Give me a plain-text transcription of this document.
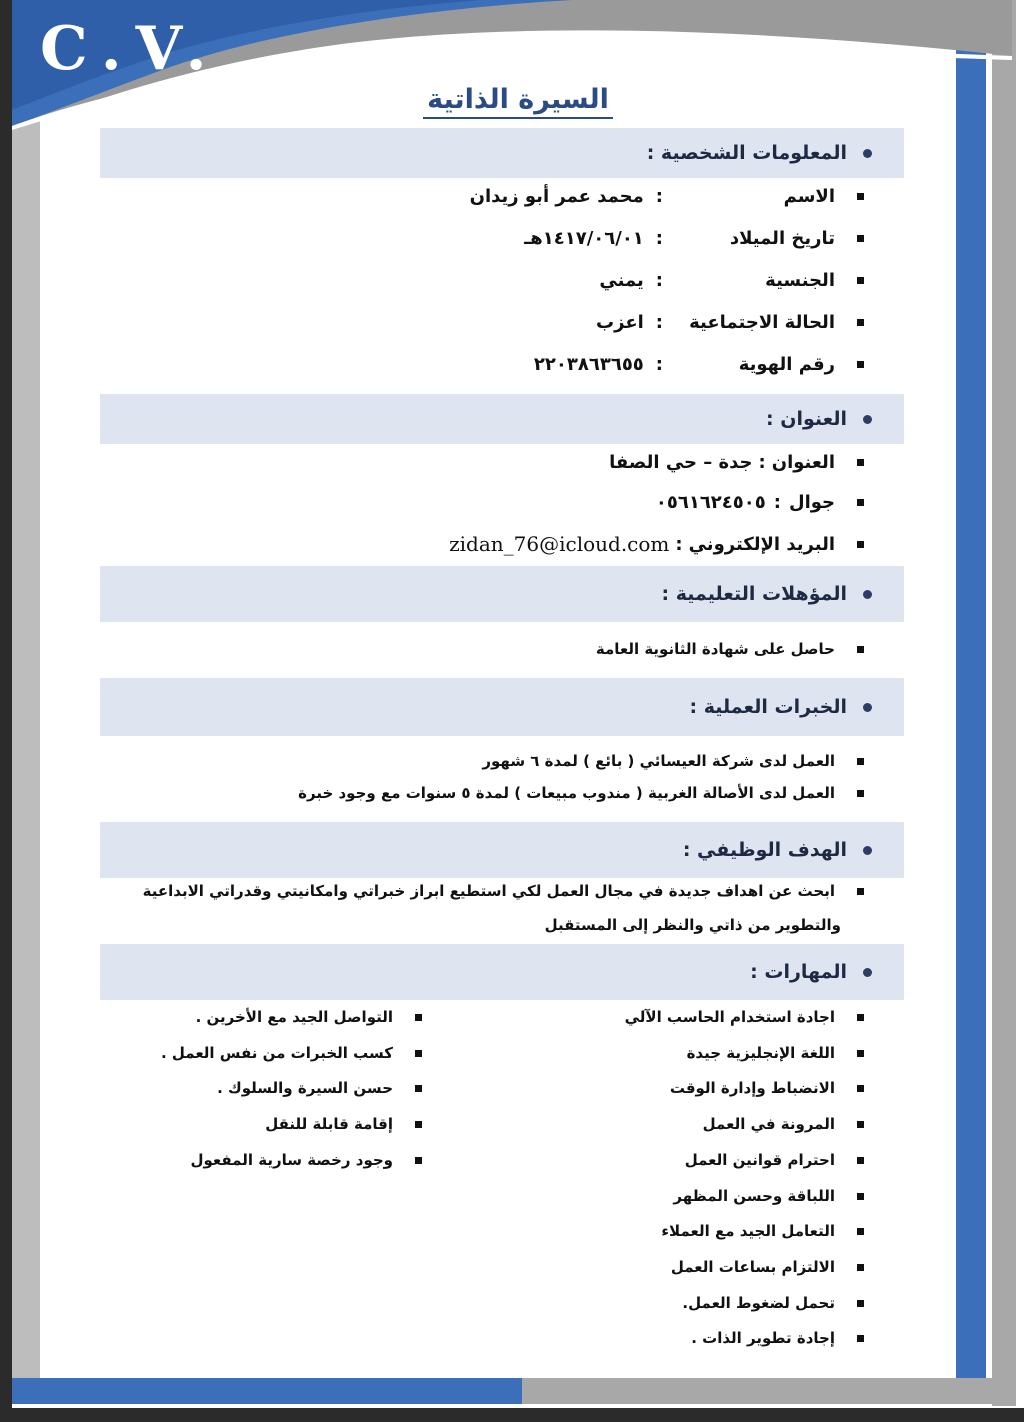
C.V.
السيرة الذاتية
المعلومات الشخصية :
الاسم
:
محمد عمر أبو زيدان
تاريخ الميلاد
:
١٤١٧/٠٦/٠١هـ
الجنسية
:
يمني
الحالة الاجتماعية
:
اعزب
رقم الهوية
:
٢٢٠٣٨٦٣٦٥٥
العنوان :
العنوان
:
جدة – حي الصفا
جوال
:
٠٥٦١٦٢٤٥٠٥
البريد الإلكتروني
:
zidan_76@icloud.com
المؤهلات التعليمية :
حاصل على شهادة الثانوية العامة
الخبرات العملية :
العمل لدى شركة العيسائي ( بائع ) لمدة ٦ شهور
العمل لدى الأصالة الغربية ( مندوب مبيعات ) لمدة ٥ سنوات مع وجود خبرة
الهدف الوظيفي :
ابحث عن اهداف جديدة في مجال العمل لكي استطيع ابراز خبراتي وامكانيتي وقدراتي الابداعية
والتطوير من ذاتي والنظر إلى المستقبل
المهارات :
اجادة استخدام الحاسب الآلي
اللغة الإنجليزية جيدة
الانضباط وإدارة الوقت
المرونة في العمل
احترام قوانين العمل
اللباقة وحسن المظهر
التعامل الجيد مع العملاء
الالتزام بساعات العمل
تحمل لضغوط العمل.
إجادة تطوير الذات .
التواصل الجيد مع الأخرين .
كسب الخبرات من نفس العمل .
حسن السيرة والسلوك .
إقامة قابلة للنقل
وجود رخصة سارية المفعول
